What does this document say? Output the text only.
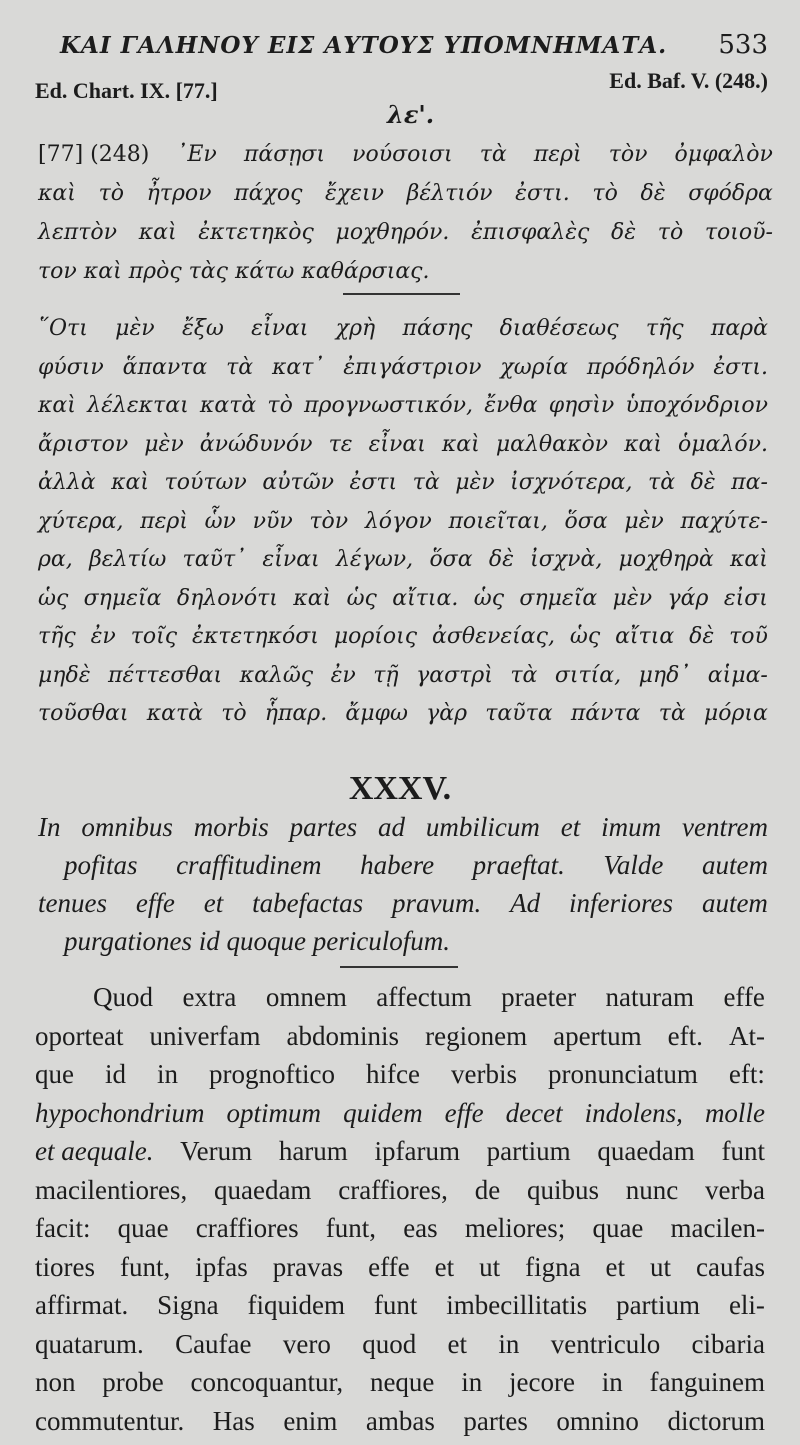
ΚΑΙ ΓΑΛΗΝΟΥ ΕΙΣ ΑΥΤΟΥΣ ΥΠΟΜΝΗΜΑΤΑ. 533
Ed. Chart. IX. [77.]	Ed. Baf. V. (248.)
λε'.
[77] (248) ᾿Εν πάσῃσι νούσοισι τὰ περὶ τὸν ὀμφαλὸν
καὶ τὸ ἦτρον πάχος ἔχειν βέλτιόν ἐστι. τὸ δὲ σφόδρα
λεπτὸν καὶ ἐκτετηκὸς μοχθηρόν. ἐπισφαλὲς δὲ τὸ τοιοῦ-
τον καὶ πρὸς τὰς κάτω καθάρσιας.
῞Οτι μὲν ἔξω εἶναι χρὴ πάσης διαθέσεως τῆς παρὰ
φύσιν ἅπαντα τὰ κατ᾿ ἐπιγάστριον χωρία πρόδηλόν ἐστι.
καὶ λέλεκται κατὰ τὸ προγνωστικόν, ἔνθα φησὶν ὑποχόνδριον
ἄριστον μὲν ἀνώδυνόν τε εἶναι καὶ μαλθακὸν καὶ ὁμαλόν.
ἀλλὰ καὶ τούτων αὐτῶν ἐστι τὰ μὲν ἰσχνότερα, τὰ δὲ πα-
χύτερα, περὶ ὧν νῦν τὸν λόγον ποιεῖται, ὅσα μὲν παχύτε-
ρα, βελτίω ταῦτ᾿ εἶναι λέγων, ὅσα δὲ ἰσχνὰ, μοχθηρὰ καὶ
ὡς σημεῖα δηλονότι καὶ ὡς αἴτια. ὡς σημεῖα μὲν γάρ εἰσι
τῆς ἐν τοῖς ἐκτετηκόσι μορίοις ἀσθενείας, ὡς αἴτια δὲ τοῦ
μηδὲ πέττεσθαι καλῶς ἐν τῇ γαστρὶ τὰ σιτία, μηδ᾿ αἱμα-
τοῦσθαι κατὰ τὸ ἧπαρ. ἄμφω γὰρ ταῦτα πάντα τὰ μόρια
XXXV.
In omnibus morbis partes ad umbilicum et imum ventrem
pofitas craffitudinem habere praeftat. Valde autem
tenues effe et tabefactas pravum. Ad inferiores autem
purgationes id quoque periculofum.
Quod extra omnem affectum praeter naturam effe
oporteat univerfam abdominis regionem apertum eft. At-
que id in prognoftico hifce verbis pronunciatum eft:
hypochondrium optimum quidem effe decet indolens, molle
et aequale. Verum harum ipfarum partium quaedam funt
macilentiores, quaedam craffiores, de quibus nunc verba
facit: quae craffiores funt, eas meliores; quae macilen-
tiores funt, ipfas pravas effe et ut figna et ut caufas
affirmat. Signa fiquidem funt imbecillitatis partium eli-
quatarum. Caufae vero quod et in ventriculo cibaria
non probe concoquantur, neque in jecore in fanguinem
commutentur. Has enim ambas partes omnino dictorum
